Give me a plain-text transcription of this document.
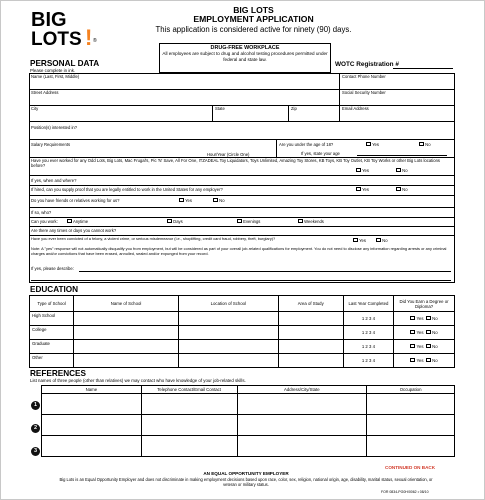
BIG
LOTS ! ®
BIG LOTS
EMPLOYMENT APPLICATION
This application is considered active for ninety (90) days.
DRUG-FREE WORKPLACE
All employees are subject to drug and alcohol testing procedures permitted under federal and state law.
PERSONAL DATA
Please complete in ink.
WOTC Registration #
Name (Last, First, Middle)	Contact Phone Number
Street Address	Social Security Number
City	State	Zip	Email Address
Position(s) interested in?
Salary Requirements
Hour/Year (Circle One)
Are you under the age of 18?	Yes	No
If yes, state your age
Have you ever worked for any Odd Lots, Big Lots, Mac Frugal's, Pic 'N' Save, All For One, ITZADEAL Toy Liquidators, Toys Unlimited, Amazing Toy Stores, KB Toys, KB Toy Outlet, KB Toy Works or other Big Lots locations before?
Yes	No
If yes, when and where?
If hired, can you supply proof that you are legally entitled to work in the United States for any employer?	Yes	No
Do you have friends or relatives working for us?	Yes	No
If so, who?
Can you work:	Anytime	Days	Evenings	Weekends
Are there any times or days you cannot work?
Have you ever been convicted of a felony, a violent crime, or serious misdemeanor (i.e., shoplifting, credit card fraud, robbery, theft, burglary)?	Yes	No
Note: A "yes" response will not automatically disqualify you from employment, but will be considered as part of your overall job-related qualifications for employment. You do not need to disclose any information regarding arrests or any criminal charges and/or convictions that have been erased, annulled, sealed and/or expunged from your record.
If yes, please describe:
EDUCATION
Type of School	Name of School	Location of School	Area of Study	Last Year Completed	Did You Earn a Degree or Diploma?
High School				1 2 3 4	Yes No
College				1 2 3 4	Yes No
Graduate				1 2 3 4	Yes No
Other				1 2 3 4	Yes No
REFERENCES
List names of three people (other than relatives) we may contact who have knowledge of your job-related skills.
Name	Telephone Contact/Email Contact	Address/City/State	Occupation

1
2
3
CONTINUED ON BACK
AN EQUAL OPPORTUNITY EMPLOYER
Big Lots is an Equal Opportunity Employer and does not discriminate in making employment decisions based upon race, color, sex, religion, national origin, age, disability, marital status, sexual orientation, or veteran or military status.
FOR 0834-PG0H/0062 • 08/10
